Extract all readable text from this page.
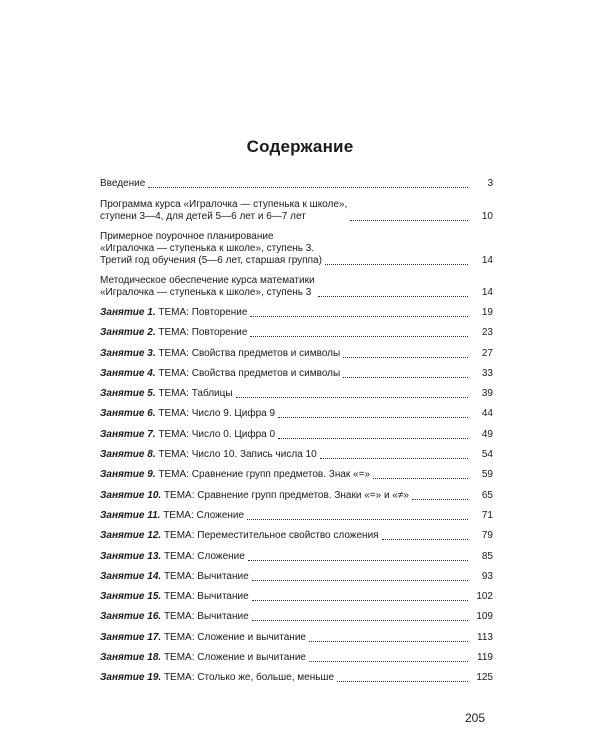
Содержание
Введение	3
Программа курса «Игралочка — ступенька к школе»,
ступени 3—4, для детей 5—6 лет и 6—7 лет	10
Примерное поурочное планирование
«Игралочка — ступенька к школе», ступень 3.
Третий год обучения (5—6 лет, старшая группа)	14
Методическое обеспечение курса математики
«Игралочка — ступенька к школе», ступень 3	14
Занятие 1. ТЕМА: Повторение	19
Занятие 2. ТЕМА: Повторение	23
Занятие 3. ТЕМА: Свойства предметов и символы	27
Занятие 4. ТЕМА: Свойства предметов и символы	33
Занятие 5. ТЕМА: Таблицы	39
Занятие 6. ТЕМА: Число 9. Цифра 9	44
Занятие 7. ТЕМА: Число 0. Цифра 0	49
Занятие 8. ТЕМА: Число 10. Запись числа 10	54
Занятие 9. ТЕМА: Сравнение групп предметов. Знак «=»	59
Занятие 10. ТЕМА: Сравнение групп предметов. Знаки «=» и «≠»	65
Занятие 11. ТЕМА: Сложение	71
Занятие 12. ТЕМА: Переместительное свойство сложения	79
Занятие 13. ТЕМА: Сложение	85
Занятие 14. ТЕМА: Вычитание	93
Занятие 15. ТЕМА: Вычитание	102
Занятие 16. ТЕМА: Вычитание	109
Занятие 17. ТЕМА: Сложение и вычитание	113
Занятие 18. ТЕМА: Сложение и вычитание	119
Занятие 19. ТЕМА: Столько же, больше, меньше	125
205
